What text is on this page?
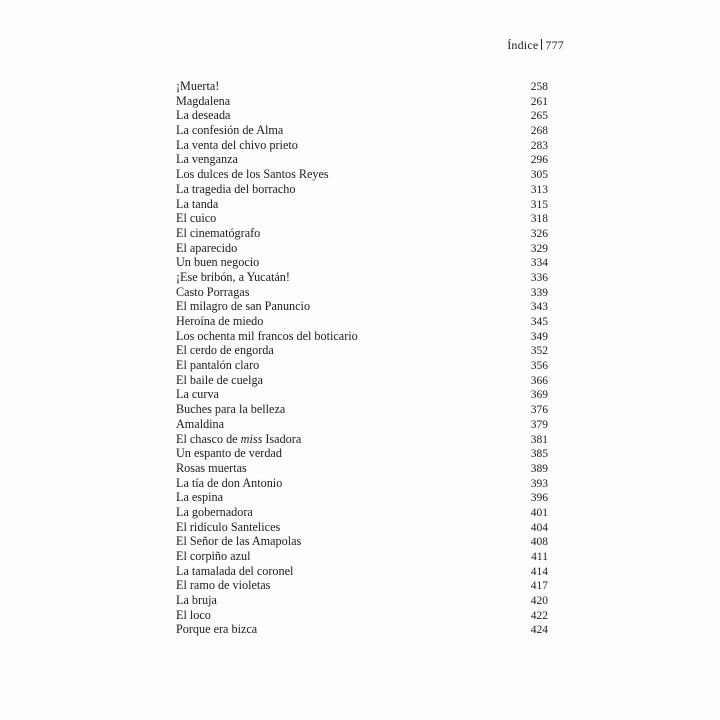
Índice 777
¡Muerta!	258
Magdalena	261
La deseada	265
La confesión de Alma	268
La venta del chivo prieto	283
La venganza	296
Los dulces de los Santos Reyes	305
La tragedia del borracho	313
La tanda	315
El cuico	318
El cinematógrafo	326
El aparecido	329
Un buen negocio	334
¡Ese bribón, a Yucatán!	336
Casto Porragas	339
El milagro de san Panuncio	343
Heroína de miedo	345
Los ochenta mil francos del boticario	349
El cerdo de engorda	352
El pantalón claro	356
El baile de cuelga	366
La curva	369
Buches para la belleza	376
Amaldina	379
El chasco de miss Isadora	381
Un espanto de verdad	385
Rosas muertas	389
La tía de don Antonio	393
La espina	396
La gobernadora	401
El ridículo Santelices	404
El Señor de las Amapolas	408
El corpiño azul	411
La tamalada del coronel	414
El ramo de violetas	417
La bruja	420
El loco	422
Porque era bizca	424
